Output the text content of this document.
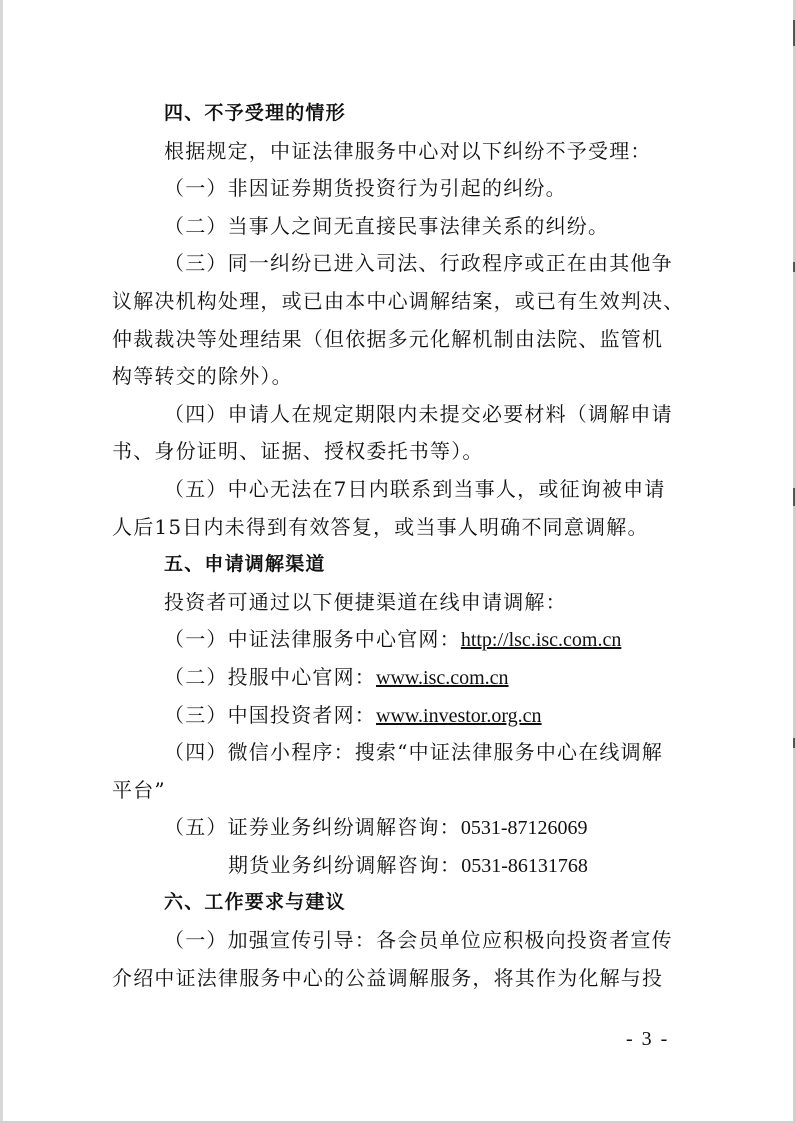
四、不予受理的情形
根据规定，中证法律服务中心对以下纠纷不予受理：
（一）非因证券期货投资行为引起的纠纷。
（二）当事人之间无直接民事法律关系的纠纷。
（三）同一纠纷已进入司法、行政程序或正在由其他争
议解决机构处理，或已由本中心调解结案，或已有生效判决、
仲裁裁决等处理结果（但依据多元化解机制由法院、监管机
构等转交的除外）。
（四）申请人在规定期限内未提交必要材料（调解申请
书、身份证明、证据、授权委托书等）。
（五）中心无法在7日内联系到当事人，或征询被申请
人后15日内未得到有效答复，或当事人明确不同意调解。
五、申请调解渠道
投资者可通过以下便捷渠道在线申请调解：
（一）中证法律服务中心官网：http://lsc.isc.com.cn
（二）投服中心官网：www.isc.com.cn
（三）中国投资者网：www.investor.org.cn
（四）微信小程序：搜索“中证法律服务中心在线调解
平台”
（五）证券业务纠纷调解咨询：0531-87126069
期货业务纠纷调解咨询：0531-86131768
六、工作要求与建议
（一）加强宣传引导：各会员单位应积极向投资者宣传
介绍中证法律服务中心的公益调解服务，将其作为化解与投
- 3 -
